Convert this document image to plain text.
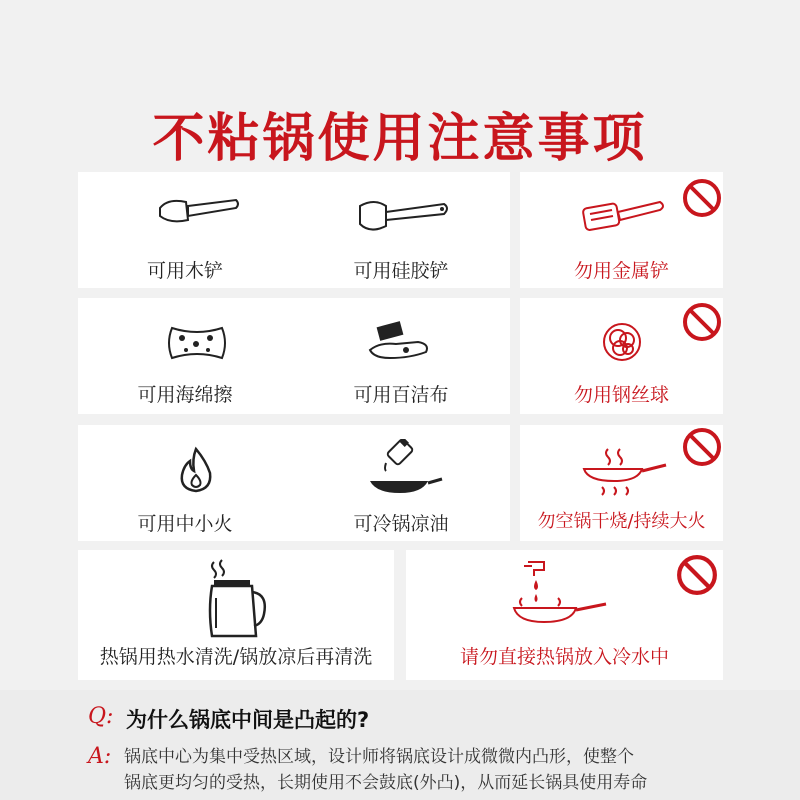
不粘锅使用注意事项
可用木铲	可用硅胶铲	勿用金属铲
可用海绵擦	可用百洁布	勿用钢丝球
可用中小火	可冷锅凉油	勿空锅干烧/持续大火
热锅用热水清洗/锅放凉后再清洗	请勿直接热锅放入冷水中
Q: 为什么锅底中间是凸起的?
A: 锅底中心为集中受热区域，设计师将锅底设计成微微内凸形，使整个
锅底更均匀的受热，长期使用不会鼓底(外凸)，从而延长锅具使用寿命
